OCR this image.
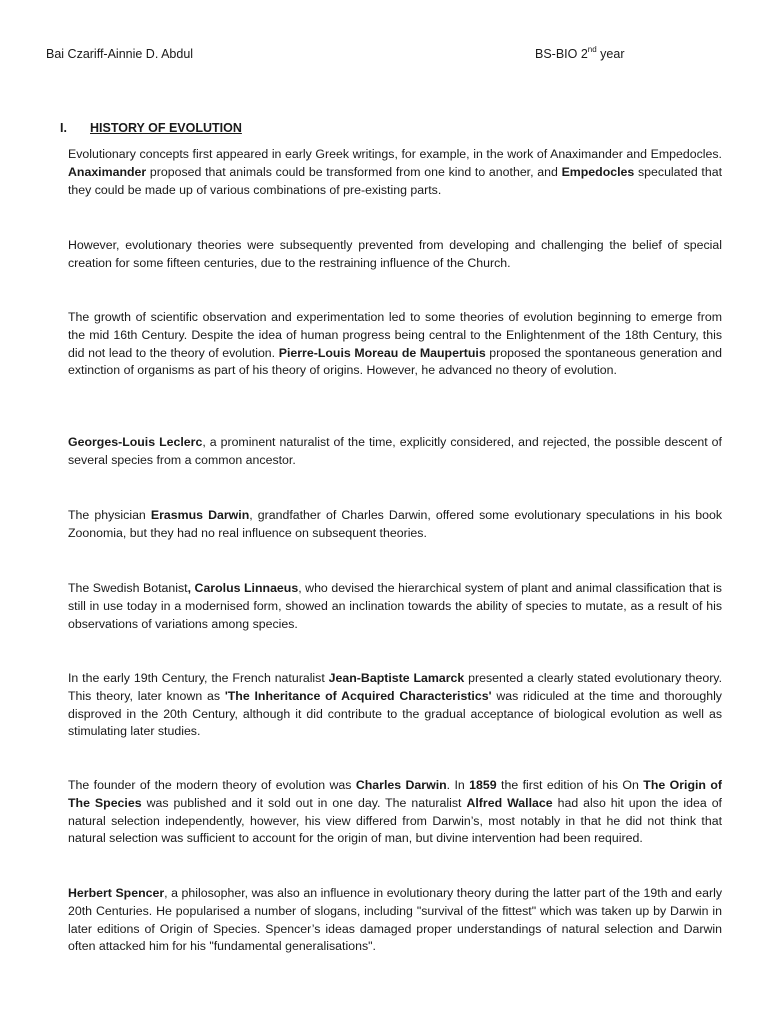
Bai Czariff-Ainnie D. Abdul	BS-BIO 2nd year
I. HISTORY OF EVOLUTION

Evolutionary concepts first appeared in early Greek writings, for example, in the work of Anaximander and Empedocles. Anaximander proposed that animals could be transformed from one kind to another, and Empedocles speculated that they could be made up of various combinations of pre-existing parts.

However, evolutionary theories were subsequently prevented from developing and challenging the belief of special creation for some fifteen centuries, due to the restraining influence of the Church.

The growth of scientific observation and experimentation led to some theories of evolution beginning to emerge from the mid 16th Century. Despite the idea of human progress being central to the Enlightenment of the 18th Century, this did not lead to the theory of evolution. Pierre-Louis Moreau de Maupertuis proposed the spontaneous generation and extinction of organisms as part of his theory of origins. However, he advanced no theory of evolution.

Georges-Louis Leclerc, a prominent naturalist of the time, explicitly considered, and rejected, the possible descent of several species from a common ancestor.

The physician Erasmus Darwin, grandfather of Charles Darwin, offered some evolutionary speculations in his book Zoonomia, but they had no real influence on subsequent theories.

The Swedish Botanist, Carolus Linnaeus, who devised the hierarchical system of plant and animal classification that is still in use today in a modernised form, showed an inclination towards the ability of species to mutate, as a result of his observations of variations among species.

In the early 19th Century, the French naturalist Jean-Baptiste Lamarck presented a clearly stated evolutionary theory. This theory, later known as 'The Inheritance of Acquired Characteristics' was ridiculed at the time and thoroughly disproved in the 20th Century, although it did contribute to the gradual acceptance of biological evolution as well as stimulating later studies.

The founder of the modern theory of evolution was Charles Darwin. In 1859 the first edition of his On The Origin of The Species was published and it sold out in one day. The naturalist Alfred Wallace had also hit upon the idea of natural selection independently, however, his view differed from Darwin’s, most notably in that he did not think that natural selection was sufficient to account for the origin of man, but divine intervention had been required.

Herbert Spencer, a philosopher, was also an influence in evolutionary theory during the latter part of the 19th and early 20th Centuries. He popularised a number of slogans, including "survival of the fittest" which was taken up by Darwin in later editions of Origin of Species. Spencer’s ideas damaged proper understandings of natural selection and Darwin often attacked him for his "fundamental generalisations".
